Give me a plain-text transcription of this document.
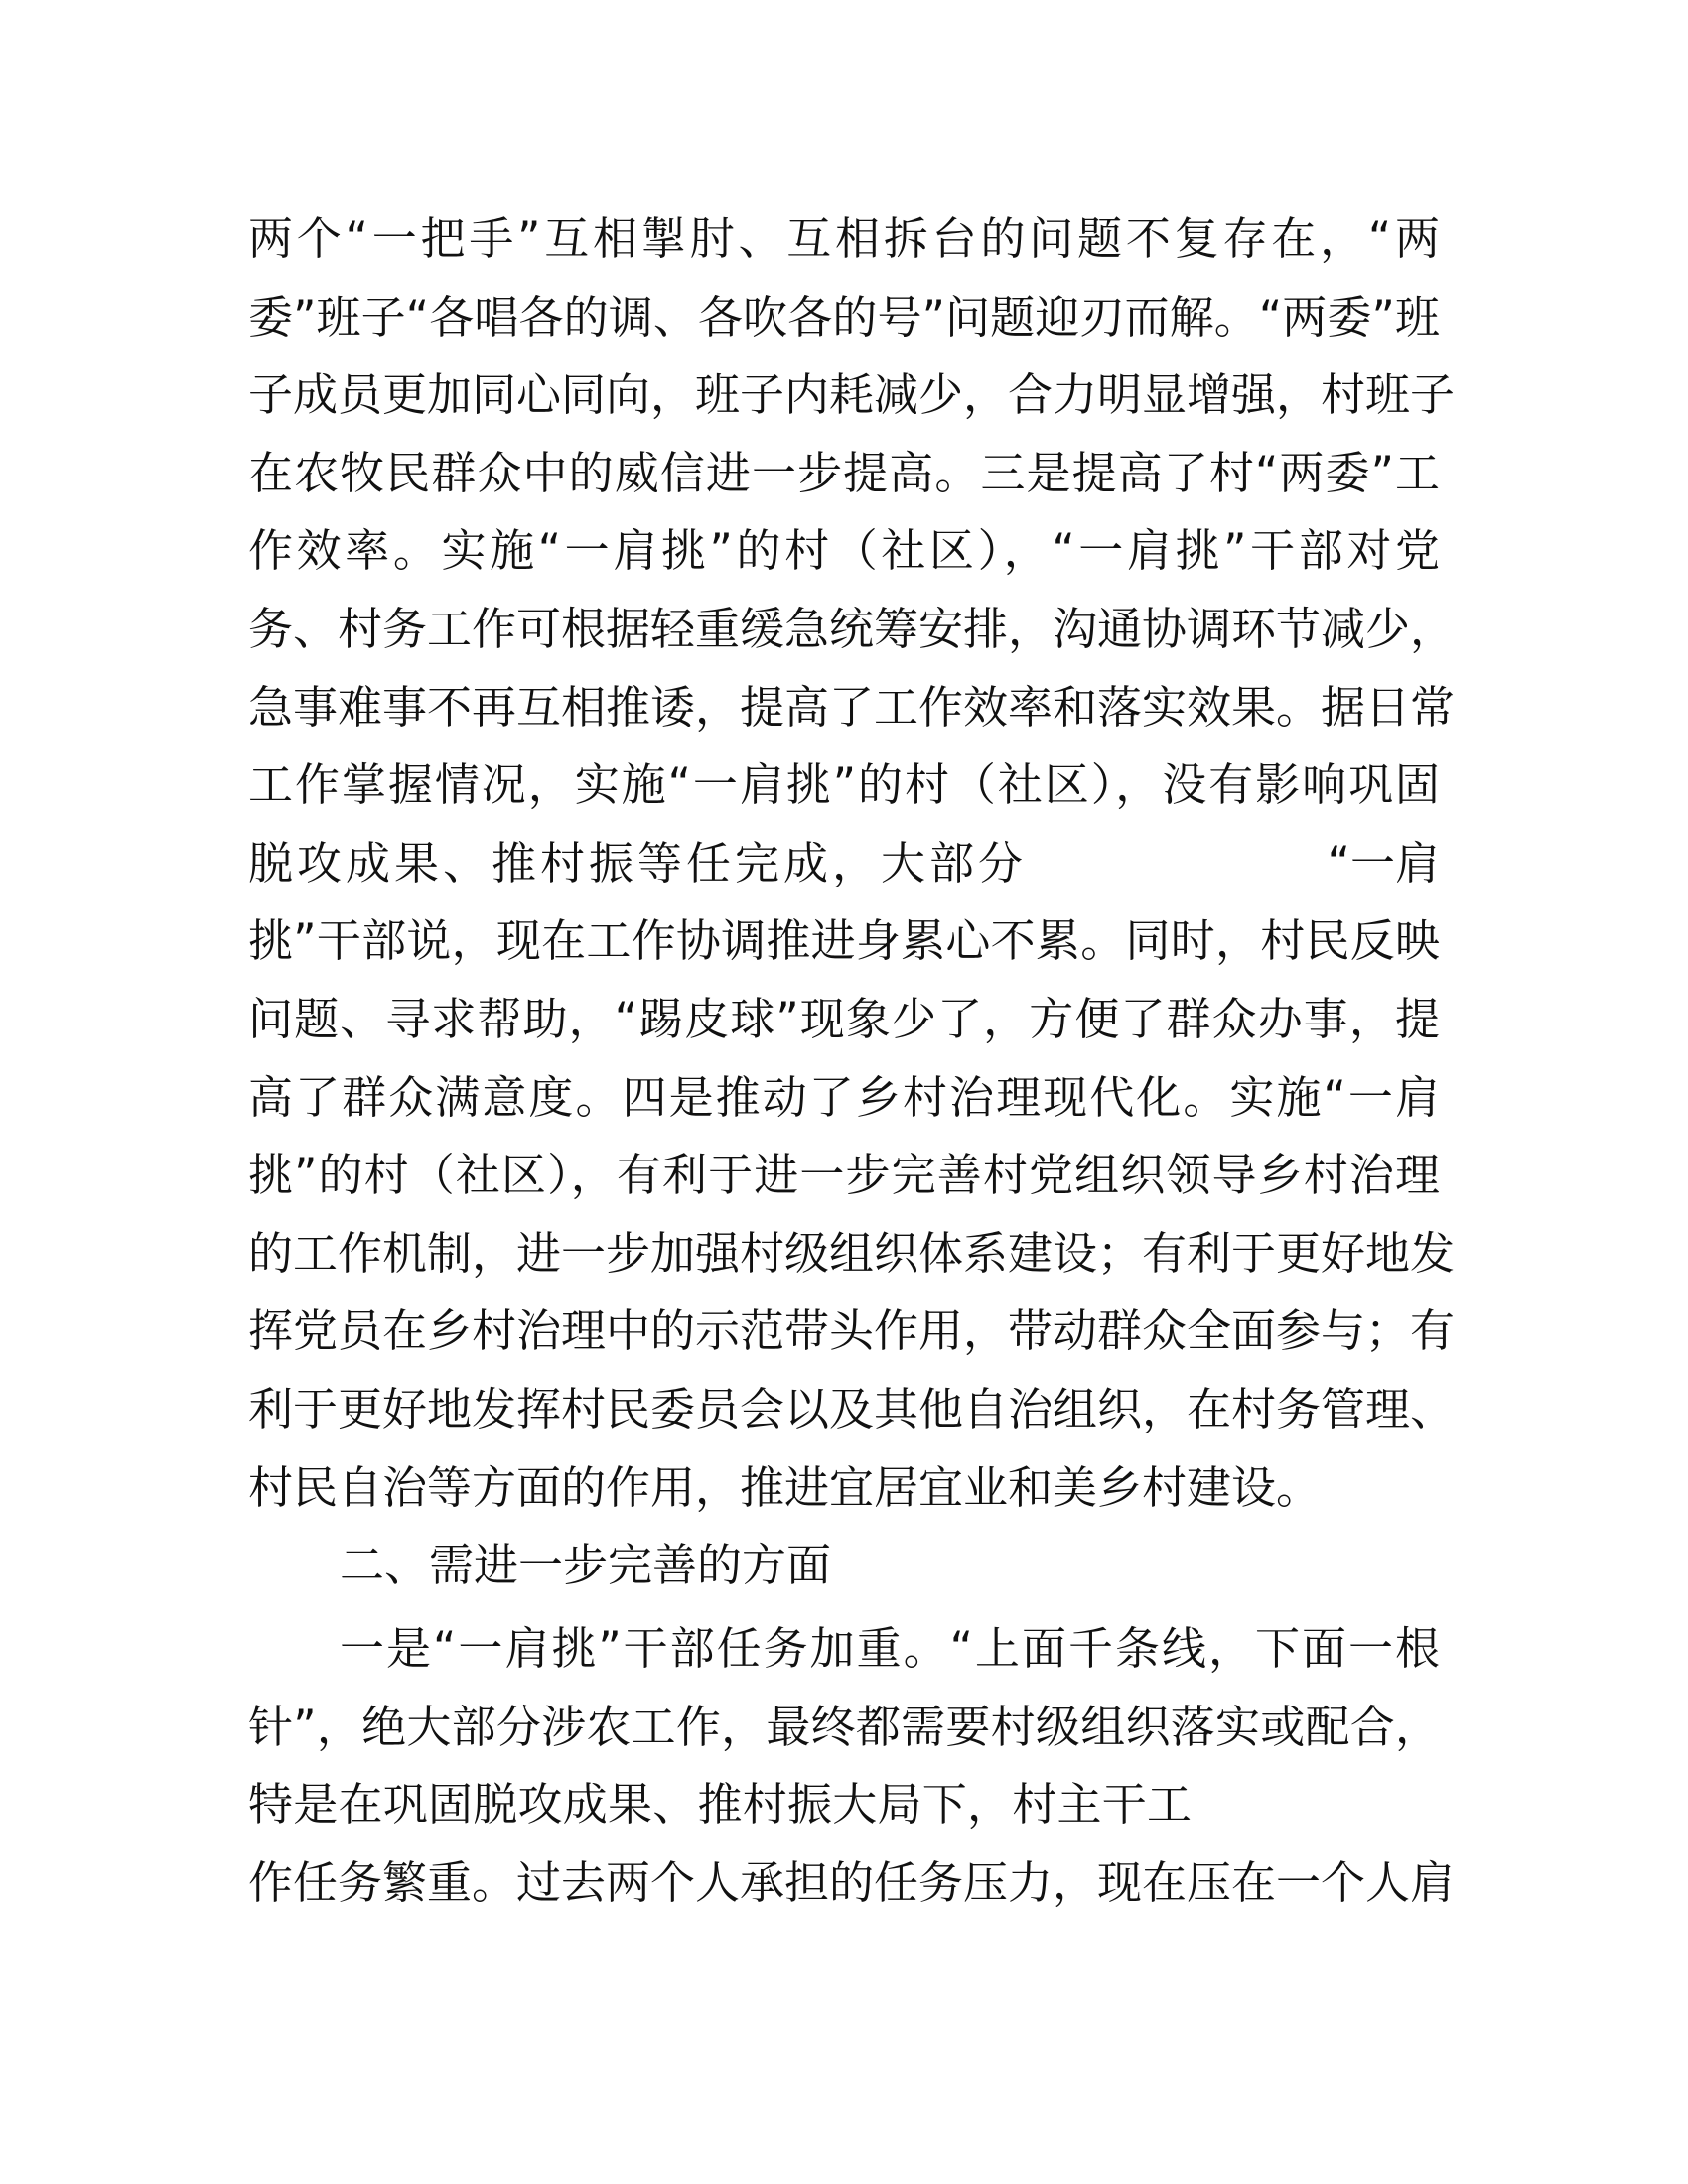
两个“一把手”互相掣肘、互相拆台的问题不复存在，“两
委”班子“各唱各的调、各吹各的号”问题迎刃而解。“两委”班
子成员更加同心同向，班子内耗减少，合力明显增强，村班子
在农牧民群众中的威信进一步提高。三是提高了村“两委”工
作效率。实施“一肩挑”的村（社区），“一肩挑”干部对党
务、村务工作可根据轻重缓急统筹安排，沟通协调环节减少，
急事难事不再互相推诿，提高了工作效率和落实效果。据日常
工作掌握情况，实施“一肩挑”的村（社区），没有影响巩固
脱攻成果、推村振等任完成，大部分	“一肩
挑”干部说，现在工作协调推进身累心不累。同时，村民反映
问题、寻求帮助，“踢皮球”现象少了，方便了群众办事，提
高了群众满意度。四是推动了乡村治理现代化。实施“一肩
挑”的村（社区），有利于进一步完善村党组织领导乡村治理
的工作机制，进一步加强村级组织体系建设；有利于更好地发
挥党员在乡村治理中的示范带头作用，带动群众全面参与；有
利于更好地发挥村民委员会以及其他自治组织，在村务管理、
村民自治等方面的作用，推进宜居宜业和美乡村建设。
二、需进一步完善的方面
一是“一肩挑”干部任务加重。“上面千条线，下面一根
针”，绝大部分涉农工作，最终都需要村级组织落实或配合，
特是在巩固脱攻成果、推村振大局下，村主干工
作任务繁重。过去两个人承担的任务压力，现在压在一个人肩
